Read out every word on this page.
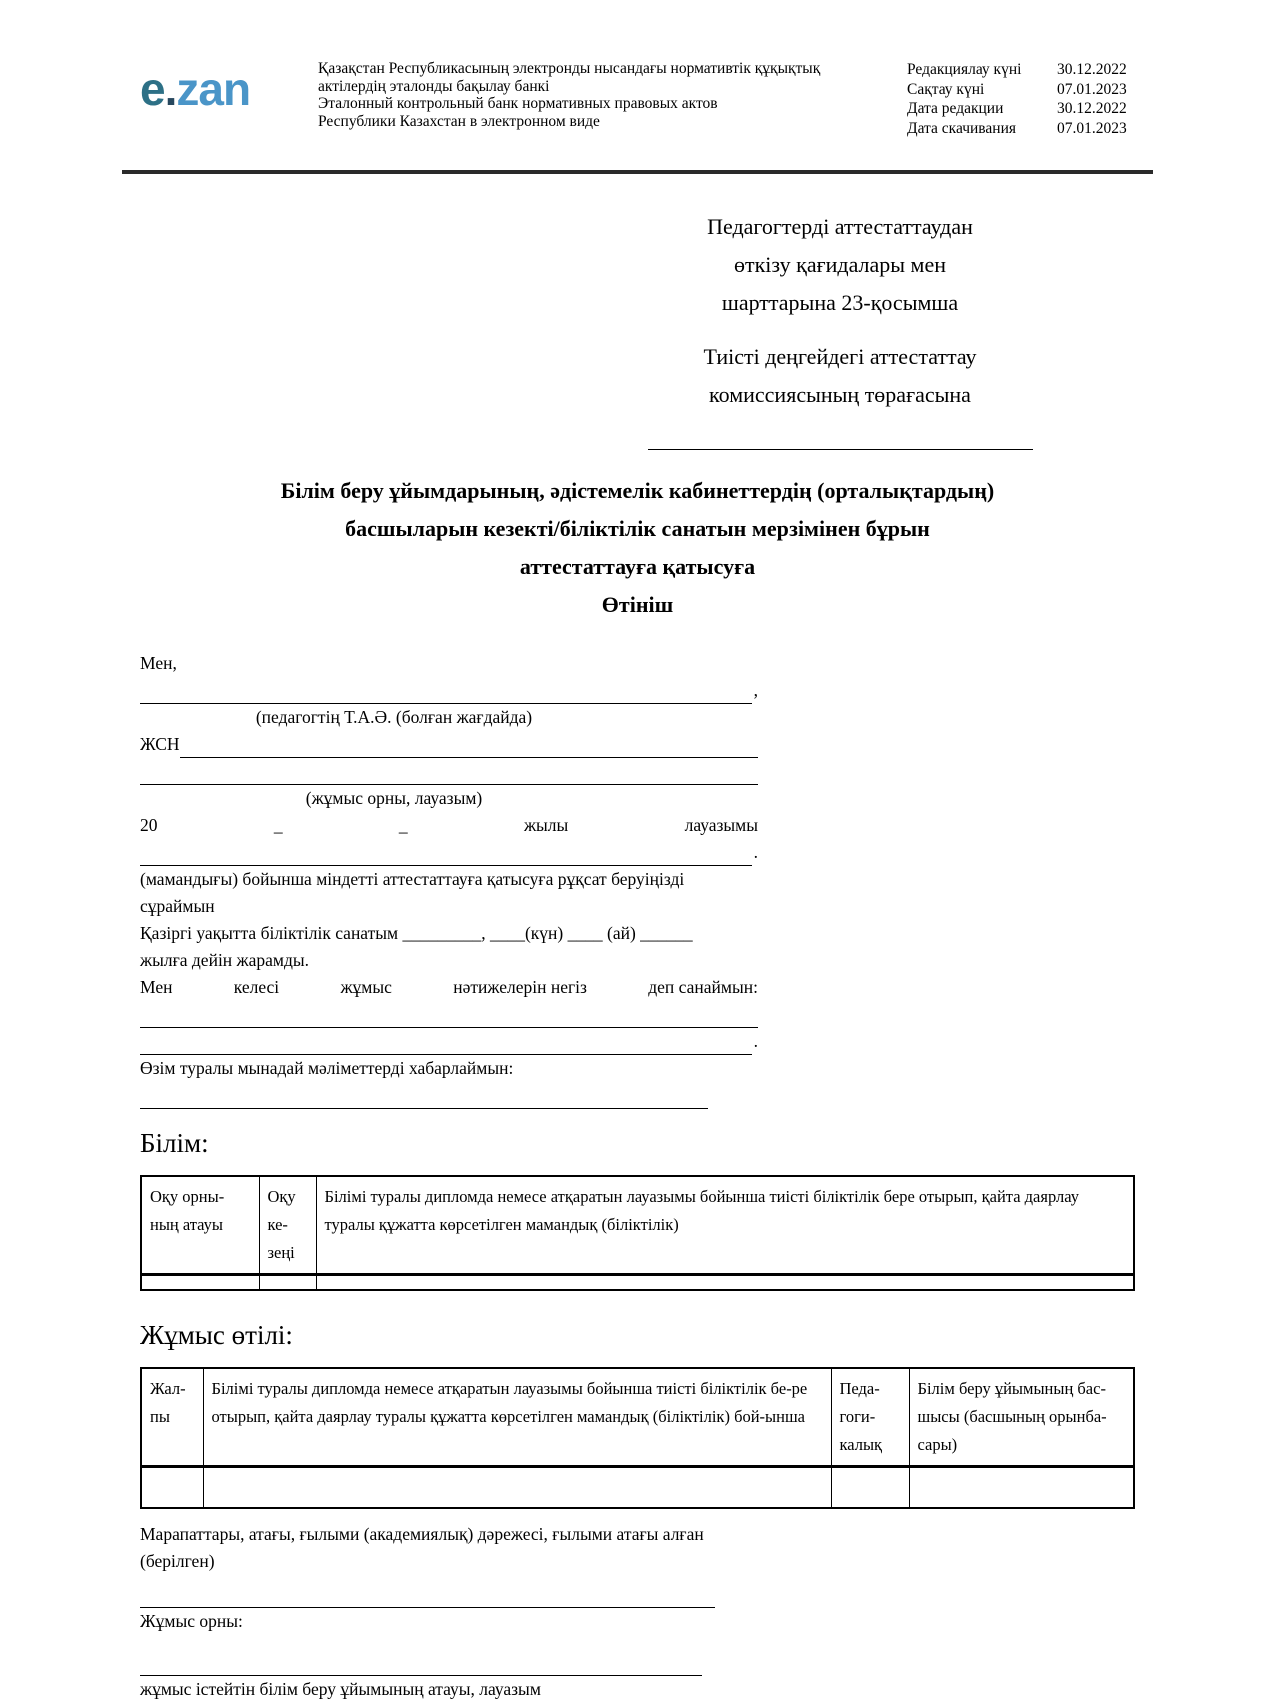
e.zan	Қазақстан Республикасының электронды нысандағы нормативтік құқықтық
актілердің эталонды бақылау банкі
Эталонный контрольный банк нормативных правовых актов
Республики Казахстан в электронном виде
Редакциялау күні	30.12.2022
Сақтау күні	07.01.2023
Дата редакции	30.12.2022
Дата скачивания	07.01.2023
Педагогтерді аттестаттаудан
өткізу қағидалары мен
шарттарына 23-қосымша
Тиісті деңгейдегі аттестаттау
комиссиясының төрағасына
Білім беру ұйымдарының, әдістемелік кабинеттердің (орталықтардың)
басшыларын кезекті/біліктілік санатын мерзімінен бұрын
аттестаттауға қатысуға
Өтініш
Мен,
,
(педагогтің Т.А.Ә. (болған жағдайда)
ЖСН
(жұмыс орны, лауазым)
20	_	_	жылы	лауазымы
.
(мамандығы) бойынша міндетті аттестаттауға қатысуға рұқсат беруіңізді сұраймын
Қазіргі уақытта біліктілік санатым _________, ____(күн) ____ (ай) ______
жылға дейін жарамды.
Мен	келесі	жұмыс	нәтижелерін негіз	деп санаймын:
.
Өзім туралы мынадай мәліметтерді хабарлаймын:
Білім:
Оқу орны-ның атауы	Оқу ке-зеңі	Білімі туралы дипломда немесе атқаратын лауазымы бойынша тиісті біліктілік бере отырып, қайта даярлау туралы құжатта көрсетілген мамандық (біліктілік)

Жұмыс өтілі:
Жал-пы	Білімі туралы дипломда немесе атқаратын лауазымы бойынша тиісті біліктілік бе-ре отырып, қайта даярлау туралы құжатта көрсетілген мамандық (біліктілік) бой-ынша	Педа-гоги-калық	Білім беру ұйымының бас-шысы (басшының орынба-сары)

Марапаттары, атағы, ғылыми (академиялық) дәрежесі, ғылыми атағы алған (берілген)
Жұмыс орны:
жұмыс істейтін білім беру ұйымының атауы, лауазым
